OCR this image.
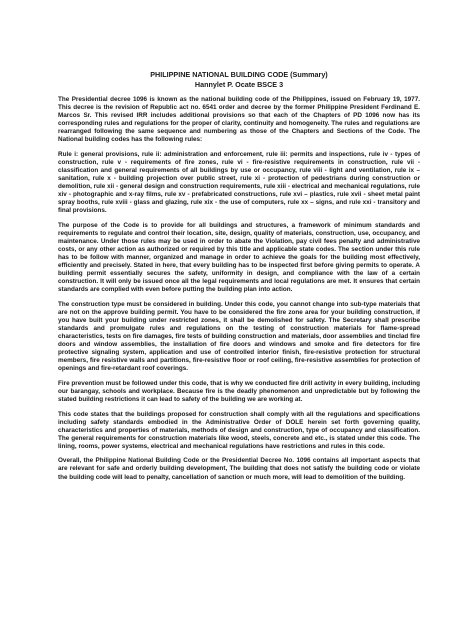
PHILIPPINE NATIONAL BUILDING CODE (Summary)
Hannylet P. Ocate BSCE 3

The Presidential decree 1096 is known as the national building code of the Philippines, issued on February 19, 1977. This decree is the revision of Republic act no. 6541 order and decree by the former Philippine President Ferdinand E. Marcos Sr. This revised IRR includes additional provisions so that each of the Chapters of PD 1096 now has its corresponding rules and regulations for the proper of clarity, continuity and homogeneity. The rules and regulations are rearranged following the same sequence and numbering as those of the Chapters and Sections of the Code. The National building codes has the following rules:

Rule i: general provisions, rule ii: administration and enforcement, rule iii: permits and inspections, rule iv - types of construction, rule v - requirements of fire zones, rule vi - fire-resistive requirements in construction, rule vii - classification and general requirements of all buildings by use or occupancy, rule viii - light and ventilation, rule ix – sanitation, rule x - building projection over public street, rule xi - protection of pedestrians during construction or demolition, rule xii - general design and construction requirements, rule xiii - electrical and mechanical regulations, rule xiv - photographic and x-ray films, rule xv - prefabricated constructions, rule xvi – plastics, rule xvii - sheet metal paint spray booths, rule xviii - glass and glazing, rule xix - the use of computers, rule xx – signs, and rule xxi - transitory and final provisions.

The purpose of the Code is to provide for all buildings and structures, a framework of minimum standards and requirements to regulate and control their location, site, design, quality of materials, construction, use, occupancy, and maintenance. Under those rules may be used in order to abate the Violation, pay civil fees penalty and administrative costs, or any other action as authorized or required by this title and applicable state codes. The section under this rule has to be follow with manner, organized and manage in order to achieve the goals for the building most effectively, efficiently and precisely. Stated in here, that every building has to be inspected first before giving permits to operate. A building permit essentially secures the safety, uniformity in design, and compliance with the law of a certain construction. It will only be issued once all the legal requirements and local regulations are met. It ensures that certain standards are complied with even before putting the building plan into action.

The construction type must be considered in building. Under this code, you cannot change into sub-type materials that are not on the approve building permit. You have to be considered the fire zone area for your building construction, if you have built your building under restricted zones, it shall be demolished for safety. The Secretary shall prescribe standards and promulgate rules and regulations on the testing of construction materials for flame-spread characteristics, tests on fire damages, fire tests of building construction and materials, door assemblies and tinclad fire doors and window assemblies, the installation of fire doors and windows and smoke and fire detectors for fire protective signaling system, application and use of controlled interior finish, fire-resistive protection for structural members, fire resistive walls and partitions, fire-resistive floor or roof ceiling, fire-resistive assemblies for protection of openings and fire-retardant roof coverings.

Fire prevention must be followed under this code, that is why we conducted fire drill activity in every building, including our barangay, schools and workplace. Because fire is the deadly phenomenon and unpredictable but by following the stated building restrictions it can lead to safety of the building we are working at.

This code states that the buildings proposed for construction shall comply with all the regulations and specifications including safety standards embodied in the Administrative Order of DOLE herein set forth governing quality, characteristics and properties of materials, methods of design and construction, type of occupancy and classification. The general requirements for construction materials like wood, steels, concrete and etc., is stated under this code. The lining, rooms, power systems, electrical and mechanical regulations have restrictions and rules in this code.

Overall, the Philippine National Building Code or the Presidential Decree No. 1096 contains all important aspects that are relevant for safe and orderly building development, The building that does not satisfy the building code or violate the building code will lead to penalty, cancellation of sanction or much more, will lead to demolition of the building.
